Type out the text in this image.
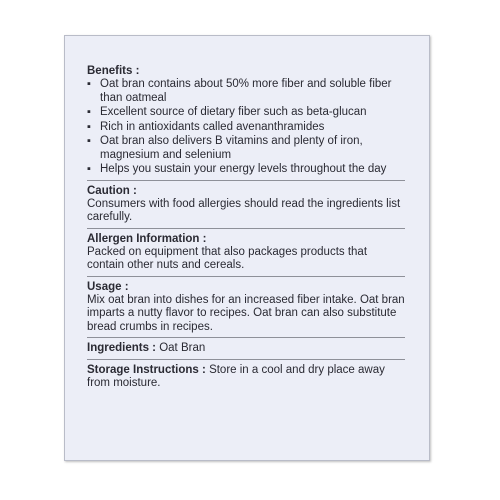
Benefits :
▪ Oat bran contains about 50% more fiber and soluble fiber than oatmeal
▪ Excellent source of dietary fiber such as beta-glucan
▪ Rich in antioxidants called avenanthramides
▪ Oat bran also delivers B vitamins and plenty of iron, magnesium and selenium
▪ Helps you sustain your energy levels throughout the day
Caution :

Consumers with food allergies should read the ingredients list carefully.

Allergen Information :

Packed on equipment that also packages products that contain other nuts and cereals.

Usage :

Mix oat bran into dishes for an increased fiber intake. Oat bran imparts a nutty flavor to recipes. Oat bran can also substitute bread crumbs in recipes.

Ingredients : Oat Bran

Storage Instructions : Store in a cool and dry place away from moisture.
